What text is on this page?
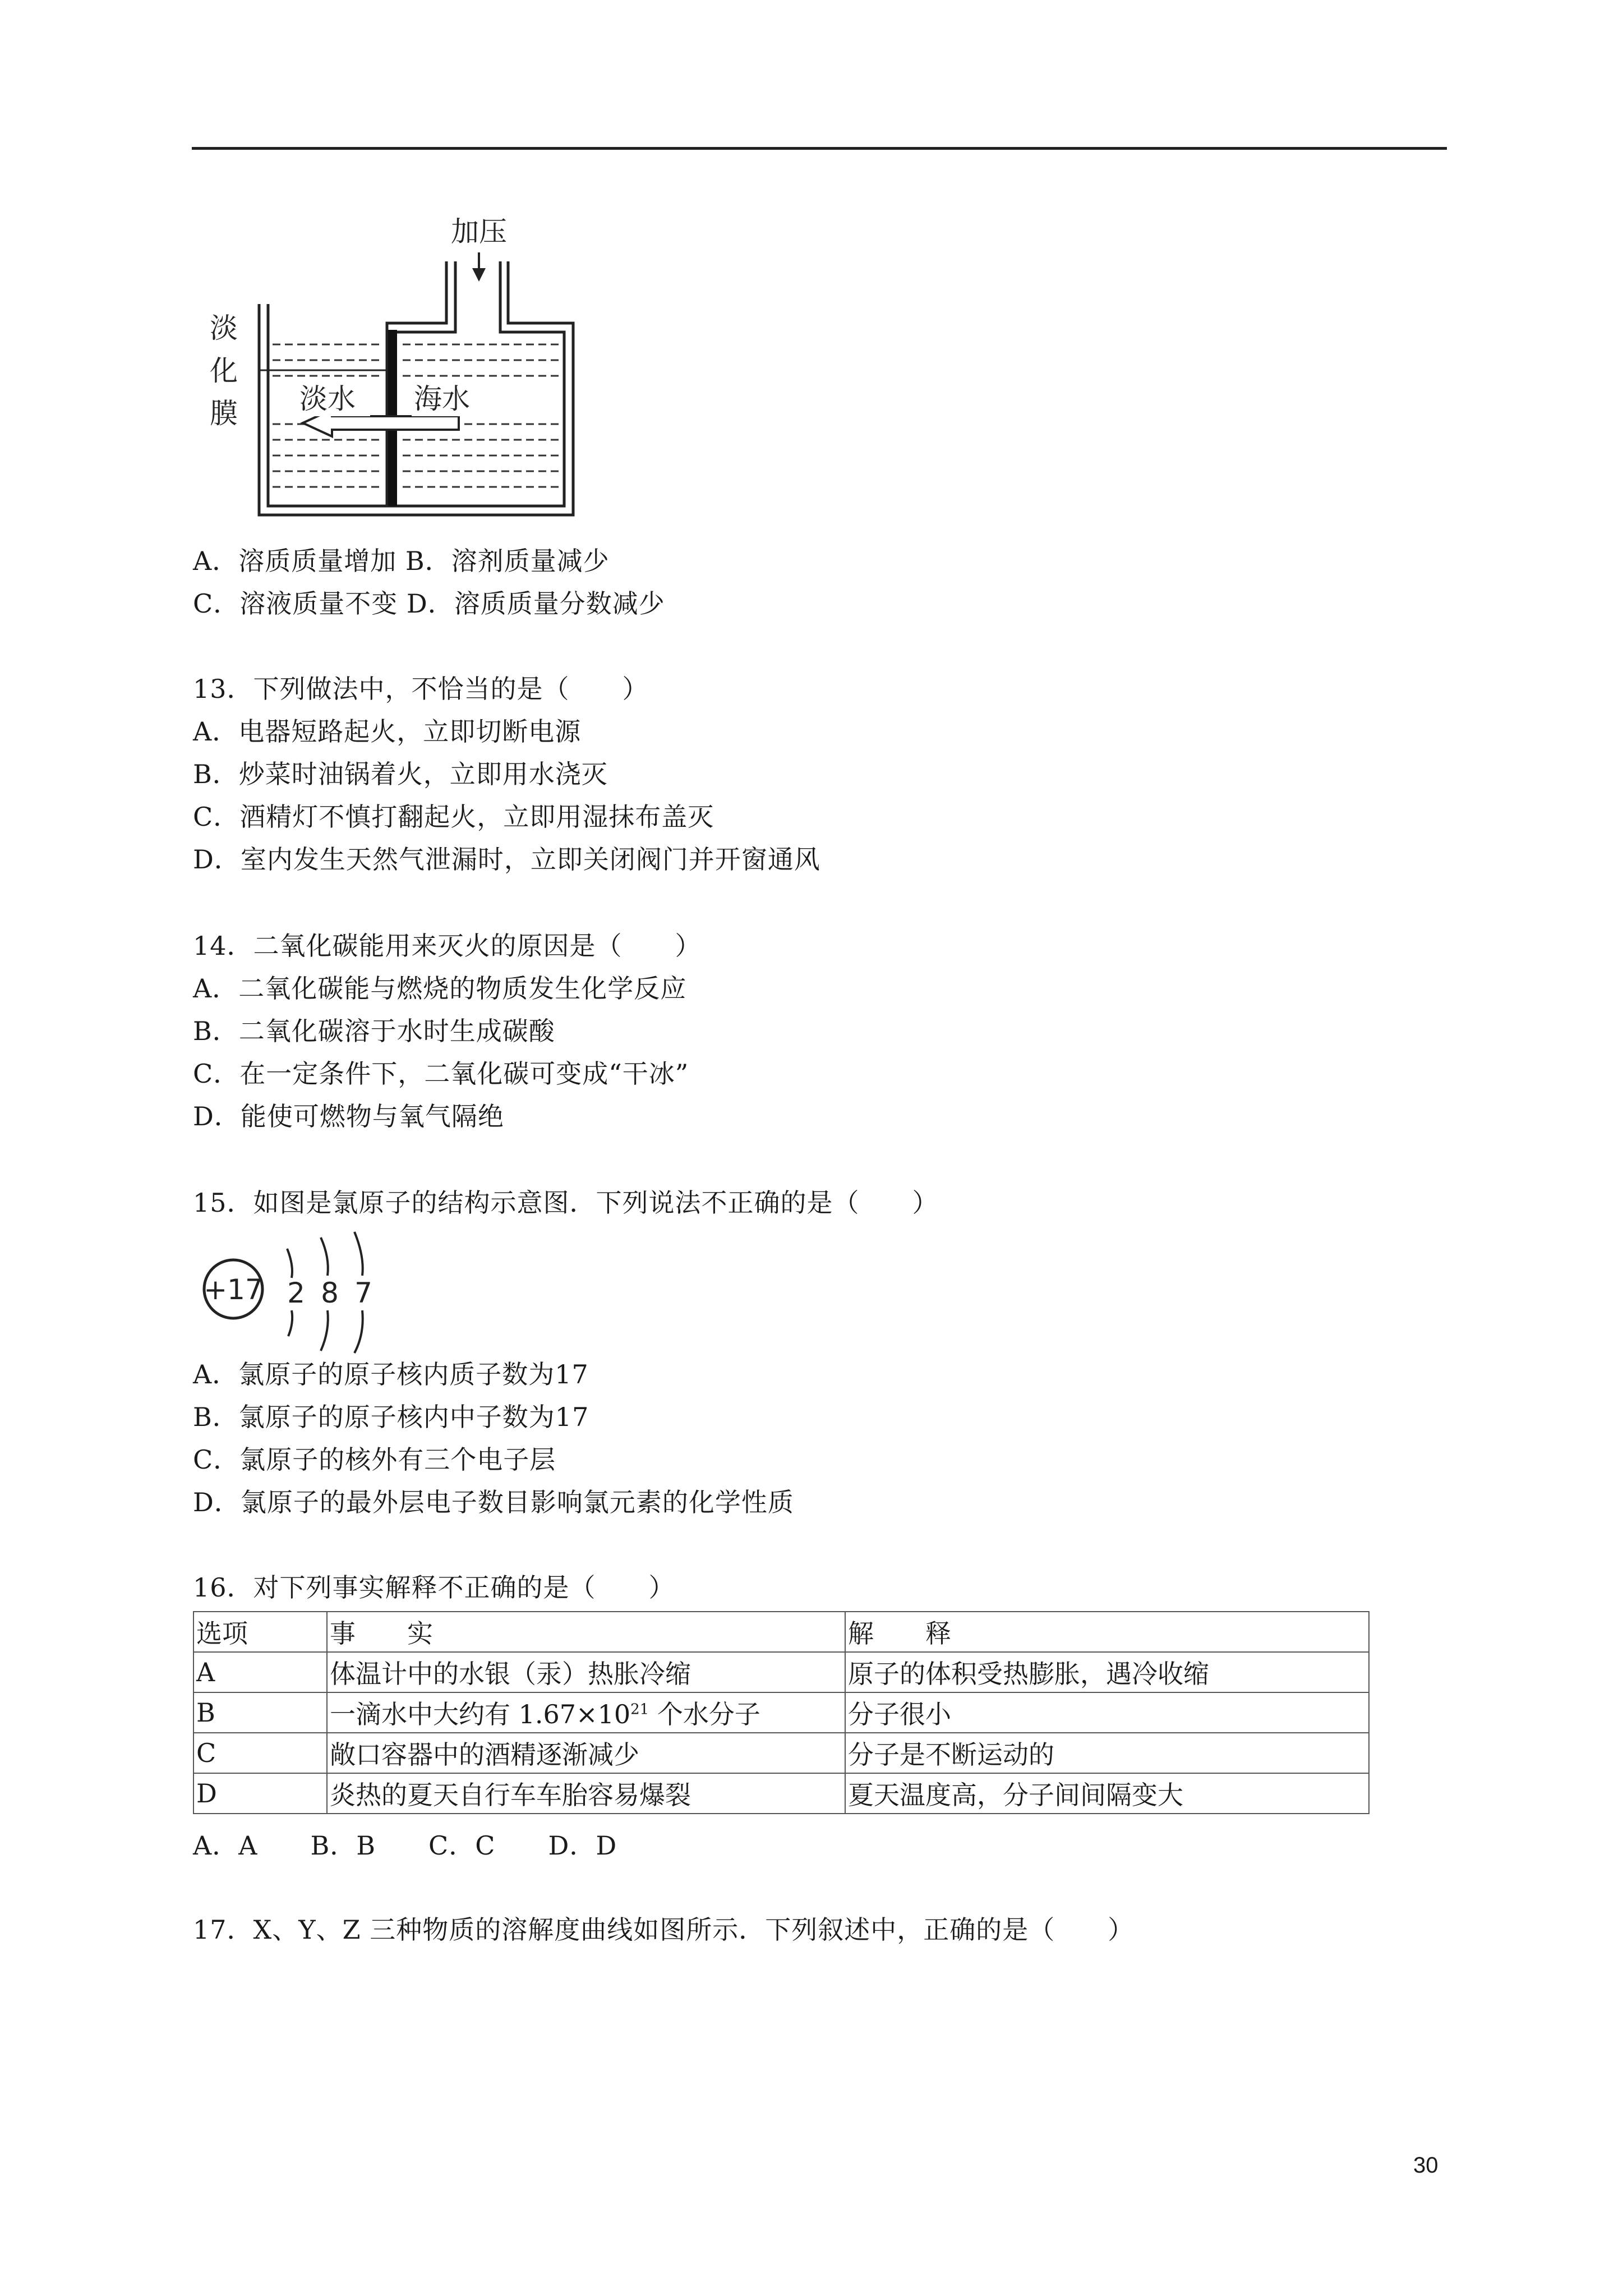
加压
淡
化
膜 淡水 海水
A．溶质质量增加 B．溶剂质量减少
C．溶液质量不变 D．溶质质量分数减少
13．下列做法中，不恰当的是（　　）
A．电器短路起火，立即切断电源
B．炒菜时油锅着火，立即用水浇灭
C．酒精灯不慎打翻起火，立即用湿抹布盖灭
D．室内发生天然气泄漏时，立即关闭阀门并开窗通风
14．二氧化碳能用来灭火的原因是（　　）
A．二氧化碳能与燃烧的物质发生化学反应
B．二氧化碳溶于水时生成碳酸
C．在一定条件下，二氧化碳可变成“干冰”
D．能使可燃物与氧气隔绝
15．如图是氯原子的结构示意图．下列说法不正确的是（　　）
+17 2 8 7
A．氯原子的原子核内质子数为17
B．氯原子的原子核内中子数为17
C．氯原子的核外有三个电子层
D．氯原子的最外层电子数目影响氯元素的化学性质
16．对下列事实解释不正确的是（　　）
选项	事　　实	解　　释
A	体温计中的水银（汞）热胀冷缩	原子的体积受热膨胀，遇冷收缩
B	一滴水中大约有 $1.67\times 10^{21}$ 个水分子	分子很小
C	敞口容器中的酒精逐渐减少	分子是不断运动的
D	炎热的夏天自行车车胎容易爆裂	夏天温度高，分子间间隔变大
A．A　　B．B　　C．C　　D．D
17．X、Y、Z 三种物质的溶解度曲线如图所示．下列叙述中，正确的是（　　）
30
